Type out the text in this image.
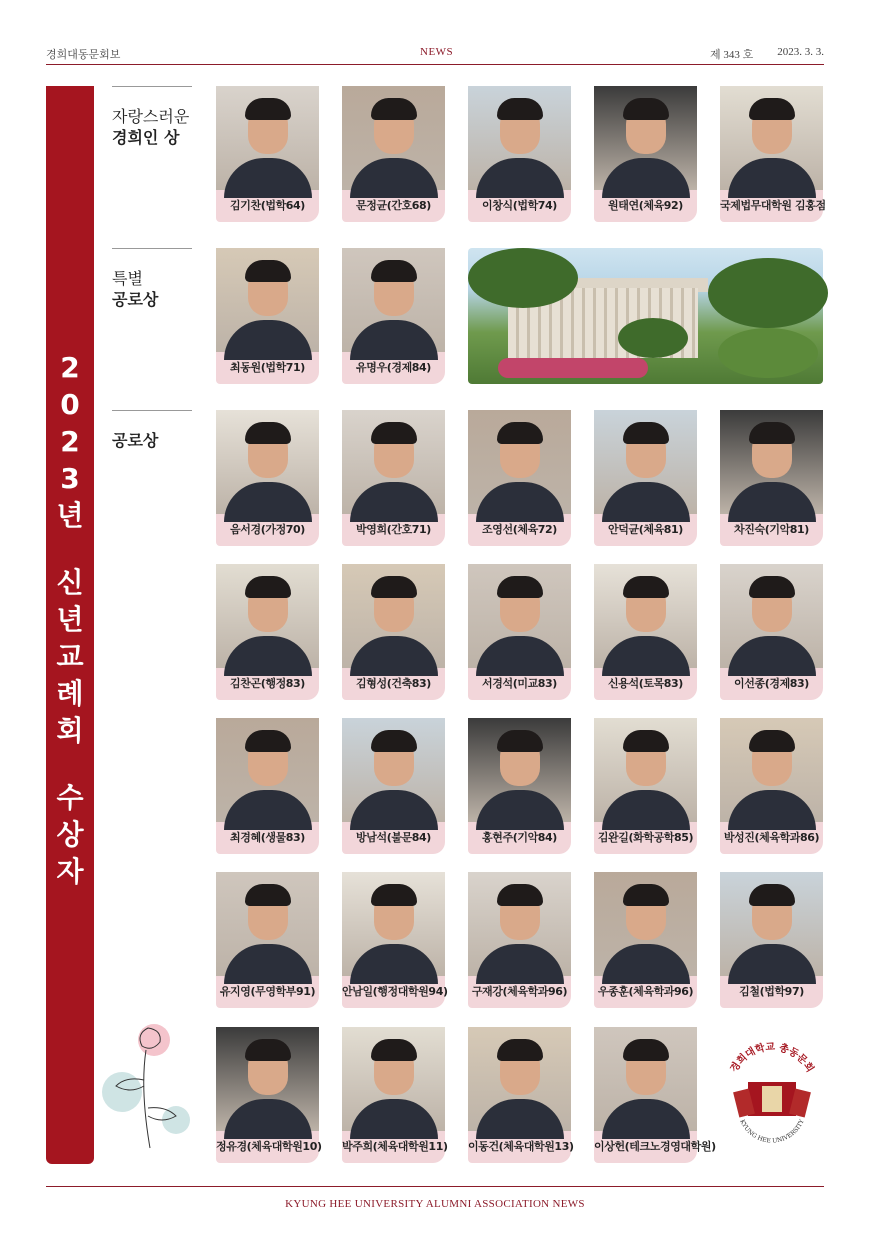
경희대동문회보	NEWS	제 343 호 2023. 3. 3.
2
0
2
3
년
신
년
교
례
회
수
상
자
자랑스러운
경희인 상
특별
공로상
공로상
김기찬(법학64)	문정균(간호68)	이창식(법학74)	원태연(체육92)	국제법무대학원 김홍점
최동원(법학71)	유명우(경제84)
음서경(가정70)	박영희(간호71)	조영선(체육72)	안덕균(체육81)	차진숙(기악81)
김찬곤(행정83)	김형성(건축83)	서경석(미교83)	신용석(토목83)	이선종(경제83)
최경혜(생물83)	방남석(불문84)	홍현주(기악84)	김완길(화학공학85)	박성진(체육학과86)
유지영(무영학부91)	안남일(행정대학원94)	구재강(체육학과96)	우종훈(체육학과96)	김철(법학97)
정유경(체육대학원10) 박주희(체육대학원11) 이동건(체육대학원13) 이상헌(테크노경영대학원)
경희대학교 총동문회
KYUNG HEE UNIVERSITY
KYUNG HEE UNIVERSITY ALUMNI ASSOCIATION NEWS
